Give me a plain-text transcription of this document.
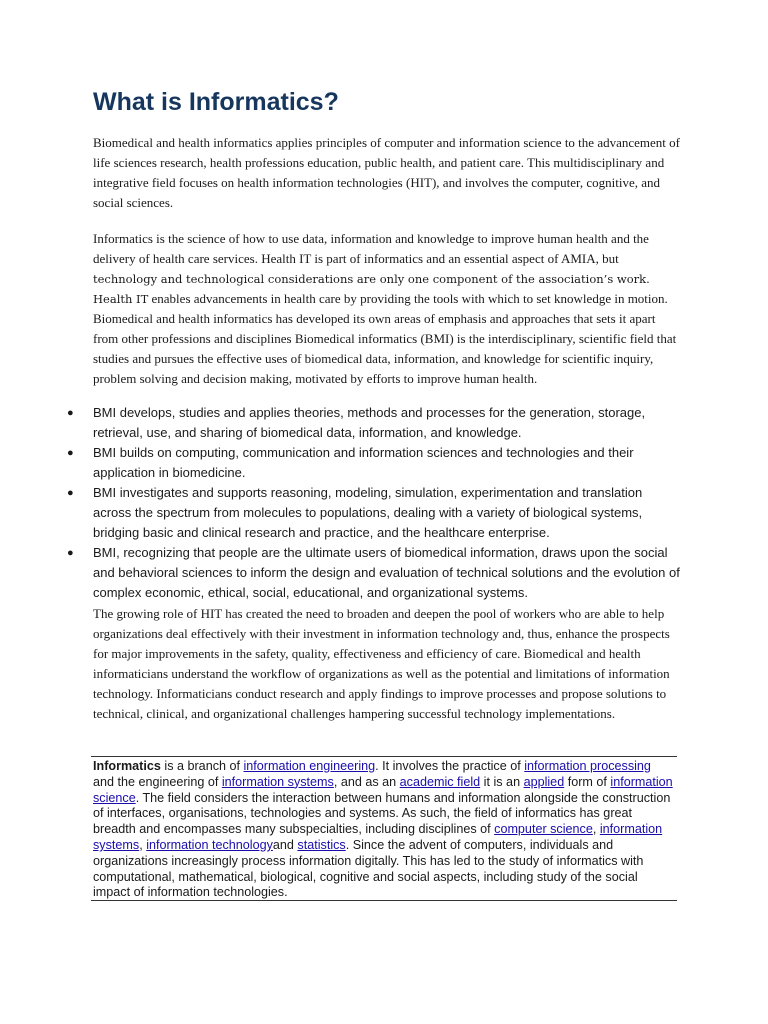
What is Informatics?

Biomedical and health informatics applies principles of computer and information science to the advancement of life sciences research, health professions education, public health, and patient care. This multidisciplinary and integrative field focuses on health information technologies (HIT), and involves the computer, cognitive, and social sciences.

Informatics is the science of how to use data, information and knowledge to improve human health and the delivery of health care services. Health IT is part of informatics and an essential aspect of AMIA, but technology and technological considerations are only one component of the association’s work. Health IT enables advancements in health care by providing the tools with which to set knowledge in motion. Biomedical and health informatics has developed its own areas of emphasis and approaches that sets it apart from other professions and disciplines Biomedical informatics (BMI) is the interdisciplinary, scientific field that studies and pursues the effective uses of biomedical data, information, and knowledge for scientific inquiry, problem solving and decision making, motivated by efforts to improve human health.

● BMI develops, studies and applies theories, methods and processes for the generation, storage, retrieval, use, and sharing of biomedical data, information, and knowledge.
● BMI builds on computing, communication and information sciences and technologies and their application in biomedicine.
● BMI investigates and supports reasoning, modeling, simulation, experimentation and translation across the spectrum from molecules to populations, dealing with a variety of biological systems, bridging basic and clinical research and practice, and the healthcare enterprise.
● BMI, recognizing that people are the ultimate users of biomedical information, draws upon the social and behavioral sciences to inform the design and evaluation of technical solutions and the evolution of complex economic, ethical, social, educational, and organizational systems.

The growing role of HIT has created the need to broaden and deepen the pool of workers who are able to help organizations deal effectively with their investment in information technology and, thus, enhance the prospects for major improvements in the safety, quality, effectiveness and efficiency of care. Biomedical and health informaticians understand the workflow of organizations as well as the potential and limitations of information technology. Informaticians conduct research and apply findings to improve processes and propose solutions to technical, clinical, and organizational challenges hampering successful technology implementations.

Informatics is a branch of information engineering. It involves the practice of information processing and the engineering of information systems, and as an academic field it is an applied form of information science. The field considers the interaction between humans and information alongside the construction of interfaces, organisations, technologies and systems. As such, the field of informatics has great breadth and encompasses many subspecialties, including disciplines of computer science, information systems, information technologyand statistics. Since the advent of computers, individuals and organizations increasingly process information digitally. This has led to the study of informatics with computational, mathematical, biological, cognitive and social aspects, including study of the social impact of information technologies.
